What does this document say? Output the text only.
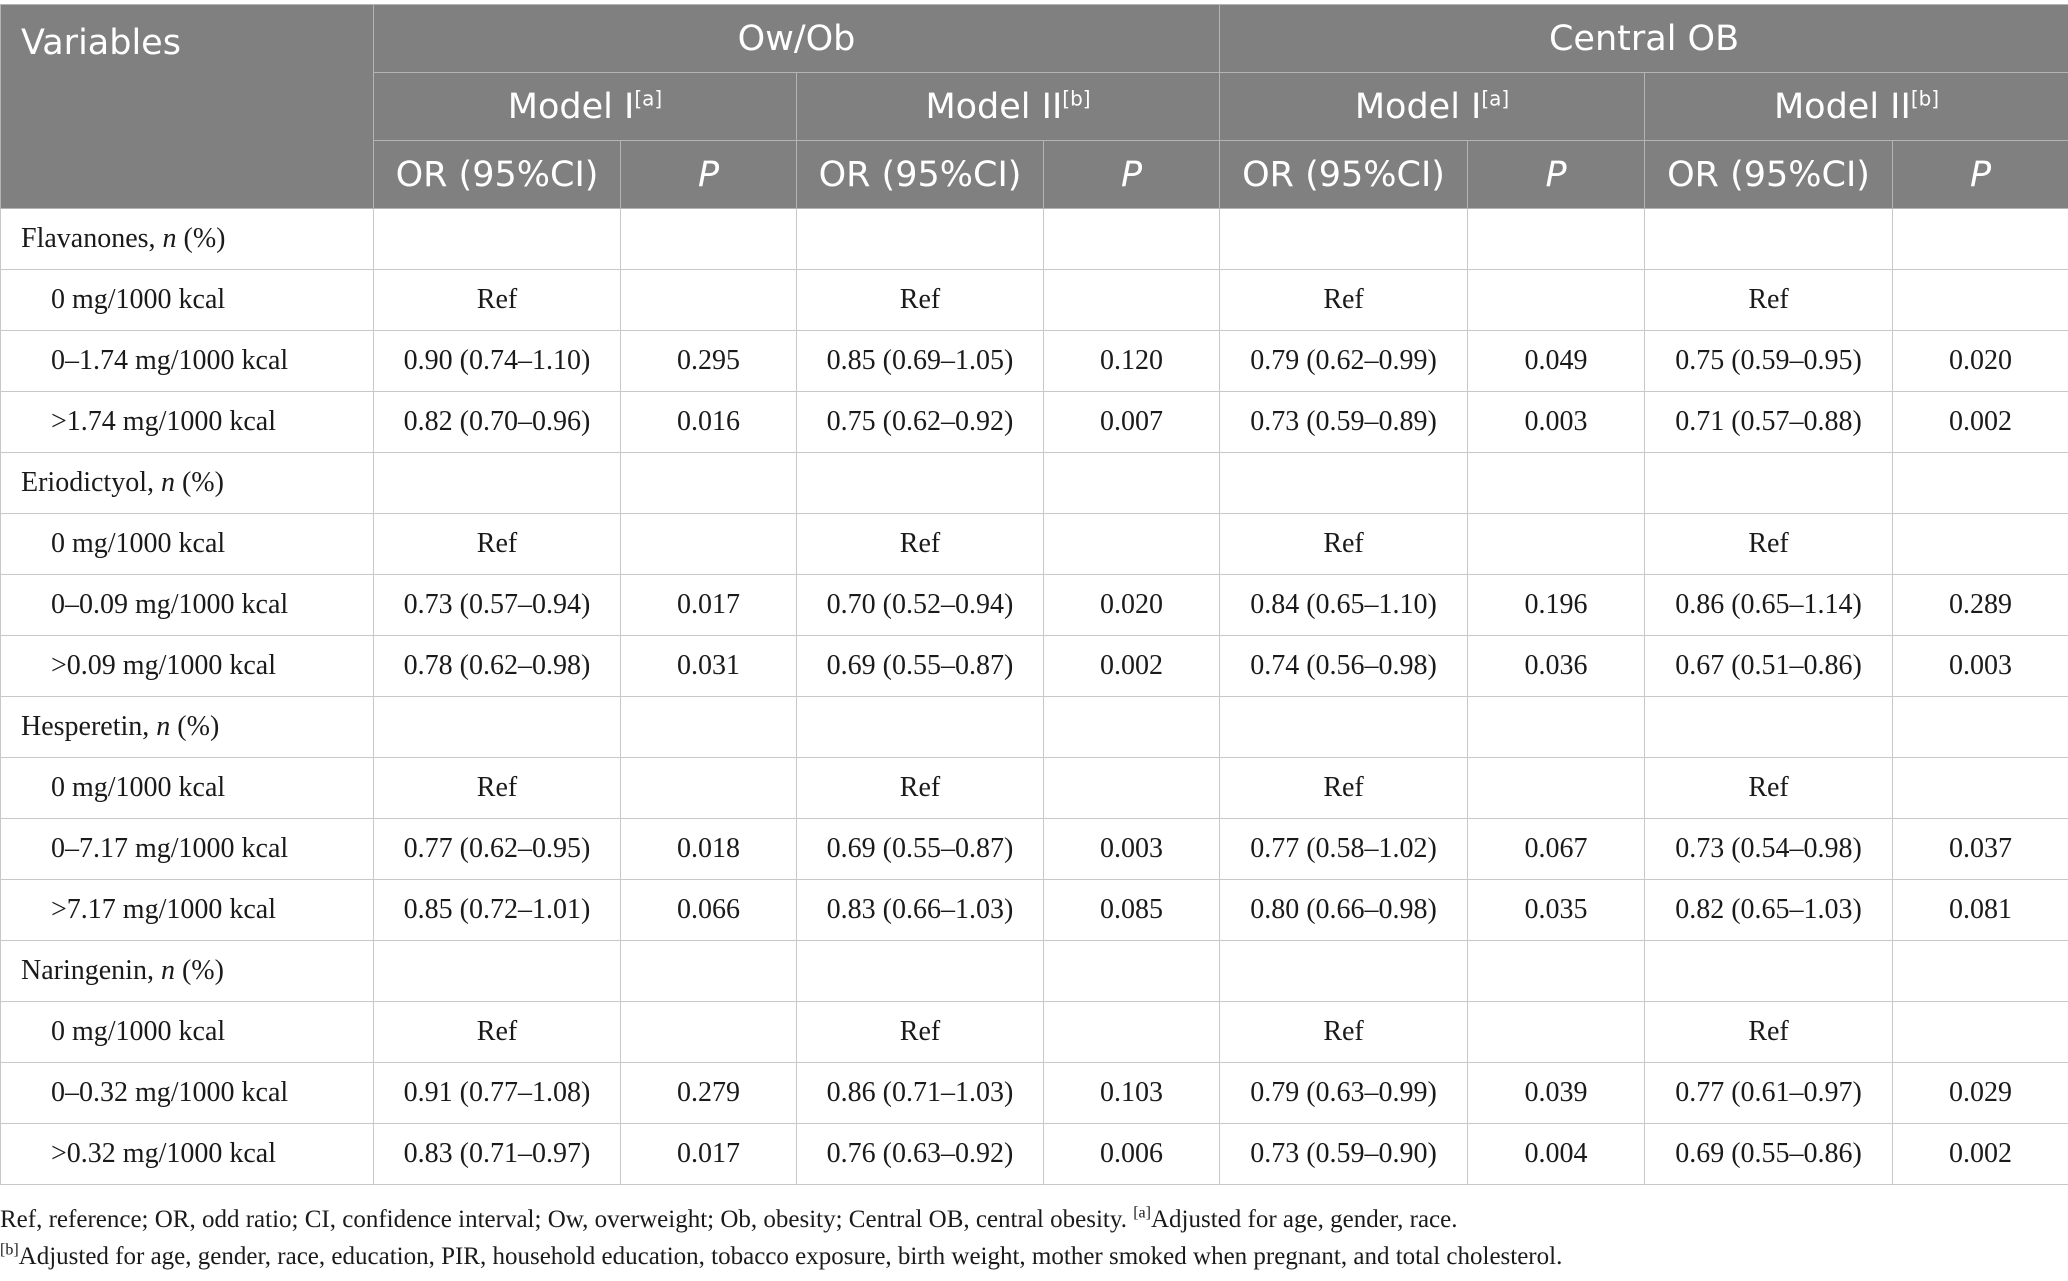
Variables	Ow/Ob				Central OB			
	Model I[a]		Model II[b]		Model I[a]		Model II[b]
	OR (95%CI)	P	OR (95%CI)	P	OR (95%CI)	P	OR (95%CI)	P
Flavanones, n (%)								
0 mg/1000 kcal	Ref		Ref		Ref		Ref	
0–1.74 mg/1000 kcal	0.90 (0.74–1.10)	0.295	0.85 (0.69–1.05)	0.120	0.79 (0.62–0.99)	0.049	0.75 (0.59–0.95)	0.020
>1.74 mg/1000 kcal	0.82 (0.70–0.96)	0.016	0.75 (0.62–0.92)	0.007	0.73 (0.59–0.89)	0.003	0.71 (0.57–0.88)	0.002
Eriodictyol, n (%)								
0 mg/1000 kcal	Ref		Ref		Ref		Ref	
0–0.09 mg/1000 kcal	0.73 (0.57–0.94)	0.017	0.70 (0.52–0.94)	0.020	0.84 (0.65–1.10)	0.196	0.86 (0.65–1.14)	0.289
>0.09 mg/1000 kcal	0.78 (0.62–0.98)	0.031	0.69 (0.55–0.87)	0.002	0.74 (0.56–0.98)	0.036	0.67 (0.51–0.86)	0.003
Hesperetin, n (%)								
0 mg/1000 kcal	Ref		Ref		Ref		Ref	
0–7.17 mg/1000 kcal	0.77 (0.62–0.95)	0.018	0.69 (0.55–0.87)	0.003	0.77 (0.58–1.02)	0.067	0.73 (0.54–0.98)	0.037
>7.17 mg/1000 kcal	0.85 (0.72–1.01)	0.066	0.83 (0.66–1.03)	0.085	0.80 (0.66–0.98)	0.035	0.82 (0.65–1.03)	0.081
Naringenin, n (%)								
0 mg/1000 kcal	Ref		Ref		Ref		Ref	
0–0.32 mg/1000 kcal	0.91 (0.77–1.08)	0.279	0.86 (0.71–1.03)	0.103	0.79 (0.63–0.99)	0.039	0.77 (0.61–0.97)	0.029
>0.32 mg/1000 kcal	0.83 (0.71–0.97)	0.017	0.76 (0.63–0.92)	0.006	0.73 (0.59–0.90)	0.004	0.69 (0.55–0.86)	0.002
Ref, reference; OR, odd ratio; CI, confidence interval; Ow, overweight; Ob, obesity; Central OB, central obesity. [a]Adjusted for age, gender, race.
[b]Adjusted for age, gender, race, education, PIR, household education, tobacco exposure, birth weight, mother smoked when pregnant, and total cholesterol.
